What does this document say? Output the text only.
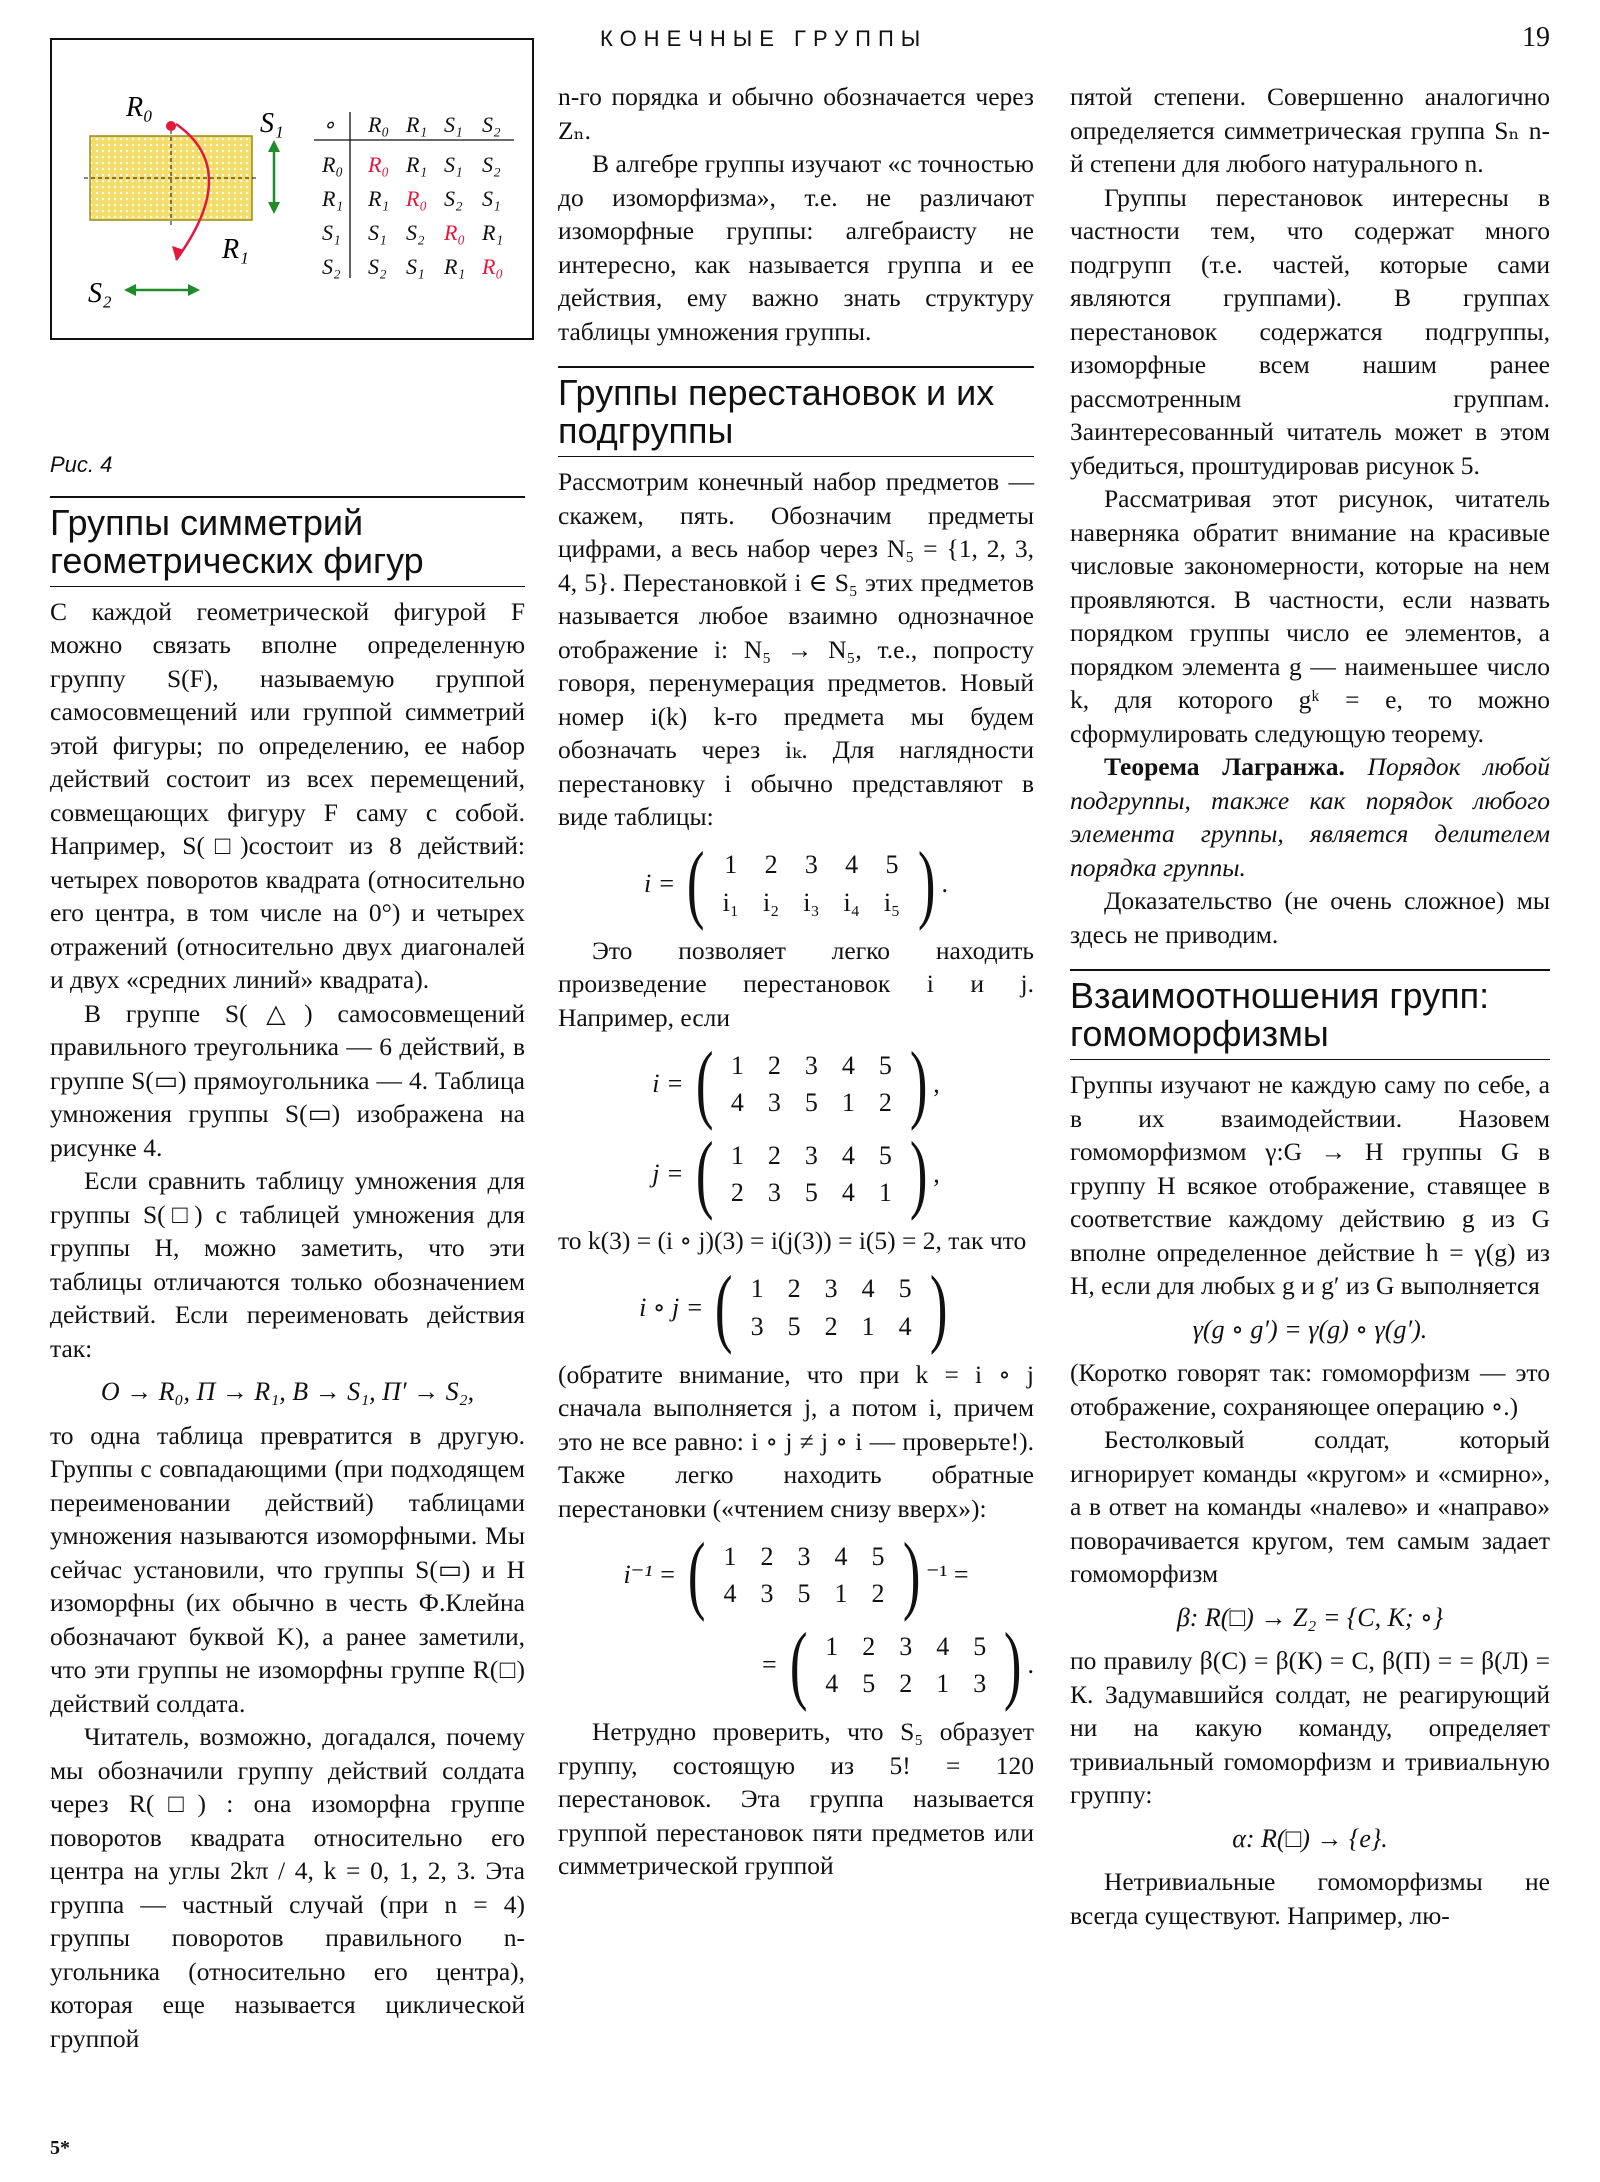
КОНЕЧНЫЕ ГРУППЫ	19
5*
R₀
S₁
R₁
S₂
∘ R₀ R₁ S₁ S₂
R₀ R₀ R₁ S₁ S₂
R₁ R₁ R₀ S₂ S₁
S₁ S₁ S₂ R₀ R₁
S₂ S₂ S₁ R₁ R₀
Рис. 4
Группы симметрий геометрических фигур

С каждой геометрической фигурой F можно связать вполне определенную группу S(F), называемую группой самосовмещений или группой симметрий этой фигуры; по определению, ее набор действий состоит из всех перемещений, совмещающих фигуру F саму с собой. Например, S(□)состоит из 8 действий: четырех поворотов квадрата (относительно его центра, в том числе на 0°) и четырех отражений (относительно двух диагоналей и двух «средних линий» квадрата).

В группе S(△) самосовмещений правильного треугольника — 6 действий, в группе S(▭) прямоугольника — 4. Таблица умножения группы S(▭) изображена на рисунке 4.

Если сравнить таблицу умножения для группы S(□) с таблицей умножения для группы H, можно заметить, что эти таблицы отличаются только обозначением действий. Если переименовать действия так:

О → R₀, П → R₁, В → S₁, П′ → S₂,

то одна таблица превратится в другую. Группы с совпадающими (при подходящем переименовании действий) таблицами умножения называются изоморфными. Мы сейчас установили, что группы S(▭) и H изоморфны (их обычно в честь Ф.Клейна обозначают буквой K), а ранее заметили, что эти группы не изоморфны группе R(□) действий солдата.

Читатель, возможно, догадался, почему мы обозначили группу действий солдата через R(□) : она изоморфна группе поворотов квадрата относительно его центра на углы 2kπ / 4, k = 0, 1, 2, 3. Эта группа — частный случай (при n = 4) группы поворотов правильного n-угольника (относительно его центра), которая еще называется циклической группой

n-го порядка и обычно обозначается через Zₙ.

В алгебре группы изучают «с точностью до изоморфизма», т.е. не различают изоморфные группы: алгебраисту не интересно, как называется группа и ее действия, ему важно знать структуру таблицы умножения группы.

Группы перестановок и их подгруппы

Рассмотрим конечный набор предметов — скажем, пять. Обозначим предметы цифрами, а весь набор через N₅ = {1, 2, 3, 4, 5}. Перестановкой i ∈ S₅ этих предметов называется любое взаимно однозначное отображение i: N₅ → N₅, т.е., попросту говоря, перенумерация предметов. Новый номер i(k) k-го предмета мы будем обозначать через iₖ. Для наглядности перестановку i обычно представляют в виде таблицы:

i = ( 1	2	3	4	5
i₁	i₂	i₃	i₄	i₅ ) .

Это позволяет легко находить произведение перестановок i и j. Например, если

i = ( 1	2	3	4	5
4	3	5	1	2 ) ,
j = ( 1	2	3	4	5
2	3	5	4	1 ) ,

то k(3) = (i ∘ j)(3) = i(j(3)) = i(5) = 2, так что

i ∘ j = ( 1	2	3	4	5
3	5	2	1	4 )

(обратите внимание, что при k = i ∘ j сначала выполняется j, а потом i, причем это не все равно: i ∘ j ≠ j ∘ i — проверьте!). Также легко находить обратные перестановки («чтением снизу вверх»):

i⁻¹ = ( 1	2	3	4	5
4	3	5	1	2 ) ⁻¹ =
= ( 1	2	3	4	5
4	5	2	1	3 ) .

Нетрудно проверить, что S₅ образует группу, состоящую из 5! = 120 перестановок. Эта группа называется группой перестановок пяти предметов или симметрической группой

пятой степени. Совершенно аналогично определяется симметрическая группа Sₙ n-й степени для любого натурального n.

Группы перестановок интересны в частности тем, что содержат много подгрупп (т.е. частей, которые сами являются группами). В группах перестановок содержатся подгруппы, изоморфные всем нашим ранее рассмотренным группам. Заинтересованный читатель может в этом убедиться, проштудировав рисунок 5.

Рассматривая этот рисунок, читатель наверняка обратит внимание на красивые числовые закономерности, которые на нем проявляются. В частности, если назвать порядком группы число ее элементов, а порядком элемента g — наименьшее число k, для которого gᵏ = e, то можно сформулировать следующую теорему.

Теорема Лагранжа. Порядок любой подгруппы, также как порядок любого элемента группы, является делителем порядка группы.

Доказательство (не очень сложное) мы здесь не приводим.

Взаимоотношения групп: гомоморфизмы

Группы изучают не каждую саму по себе, а в их взаимодействии. Назовем гомоморфизмом γ:G → H группы G в группу H всякое отображение, ставящее в соответствие каждому действию g из G вполне определенное действие h = γ(g) из H, если для любых g и g′ из G выполняется

γ(g ∘ g′) = γ(g) ∘ γ(g′).

(Коротко говорят так: гомоморфизм — это отображение, сохраняющее операцию ∘.)

Бестолковый солдат, который игнорирует команды «кругом» и «смирно», а в ответ на команды «налево» и «направо» поворачивается кругом, тем самым задает гомоморфизм

β: R(□) → Z₂ = {С, К; ∘}

по правилу β(С) = β(К) = С, β(П) = = β(Л) = К. Задумавшийся солдат, не реагирующий ни на какую команду, определяет тривиальный гомоморфизм и тривиальную группу:

α: R(□) → {e}.

Нетривиальные гомоморфизмы не всегда существуют. Например, лю-
